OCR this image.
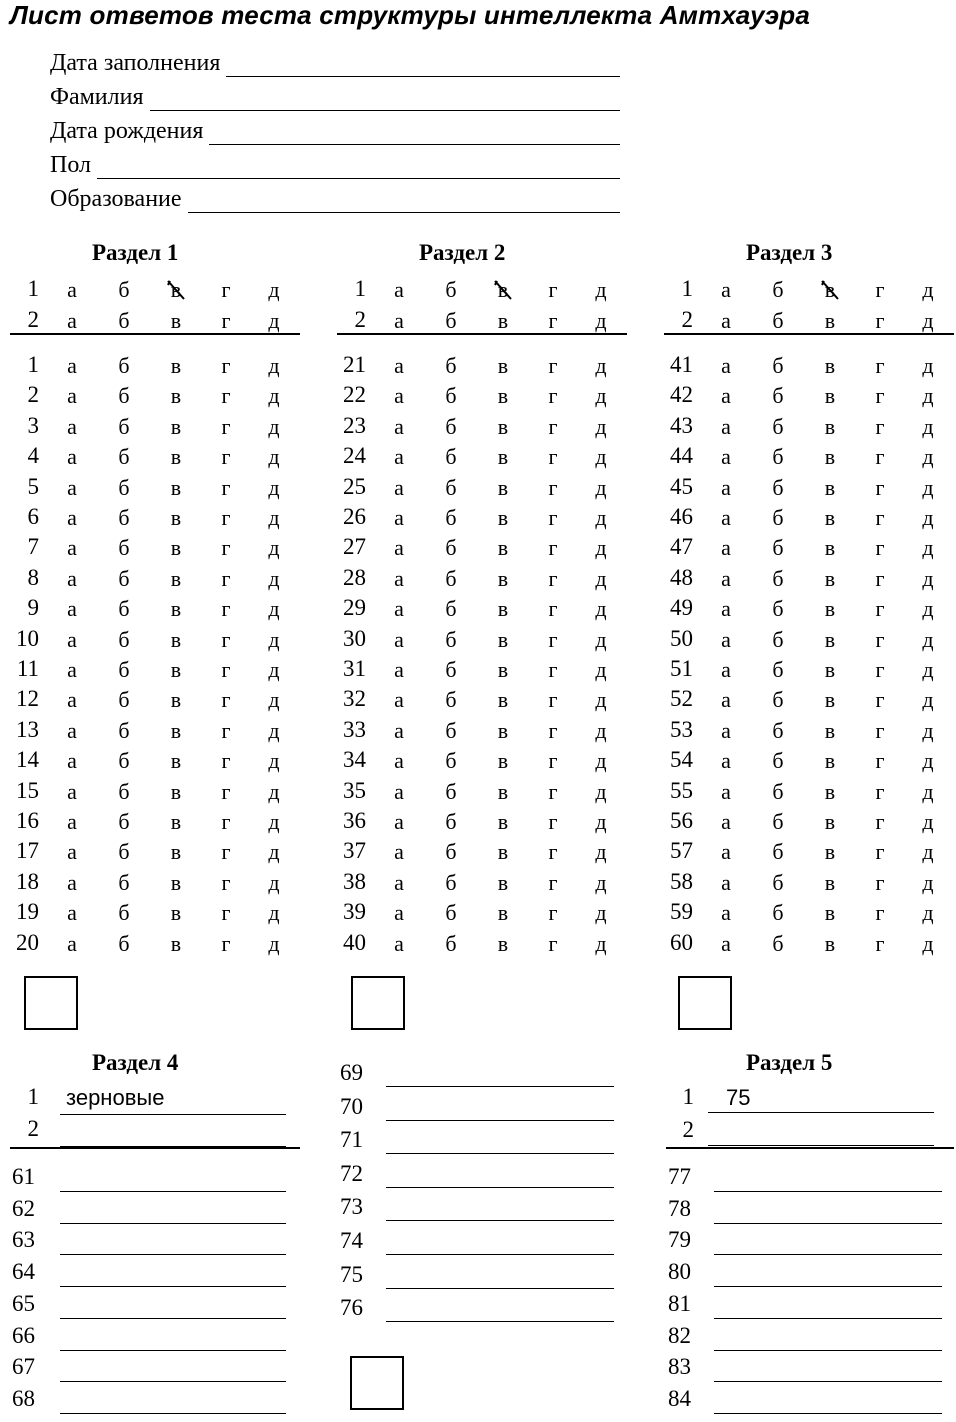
Лист ответов теста структуры интеллекта Амтхауэра
Дата заполнения
Фамилия
Дата рождения
Пол
Образование
Раздел 1
1	а	б	в	г	д
2	а	б	в	г	д
1	а	б	в	г	д
2	а	б	в	г	д
3	а	б	в	г	д
4	а	б	в	г	д
5	а	б	в	г	д
6	а	б	в	г	д
7	а	б	в	г	д
8	а	б	в	г	д
9	а	б	в	г	д
10	а	б	в	г	д
11	а	б	в	г	д
12	а	б	в	г	д
13	а	б	в	г	д
14	а	б	в	г	д
15	а	б	в	г	д
16	а	б	в	г	д
17	а	б	в	г	д
18	а	б	в	г	д
19	а	б	в	г	д
20	а	б	в	г	д
Раздел 2
1	а	б	в	г	д
2	а	б	в	г	д
21	а	б	в	г	д
22	а	б	в	г	д
23	а	б	в	г	д
24	а	б	в	г	д
25	а	б	в	г	д
26	а	б	в	г	д
27	а	б	в	г	д
28	а	б	в	г	д
29	а	б	в	г	д
30	а	б	в	г	д
31	а	б	в	г	д
32	а	б	в	г	д
33	а	б	в	г	д
34	а	б	в	г	д
35	а	б	в	г	д
36	а	б	в	г	д
37	а	б	в	г	д
38	а	б	в	г	д
39	а	б	в	г	д
40	а	б	в	г	д
Раздел 3
1	а	б	в	г	д
2	а	б	в	г	д
41	а	б	в	г	д
42	а	б	в	г	д
43	а	б	в	г	д
44	а	б	в	г	д
45	а	б	в	г	д
46	а	б	в	г	д
47	а	б	в	г	д
48	а	б	в	г	д
49	а	б	в	г	д
50	а	б	в	г	д
51	а	б	в	г	д
52	а	б	в	г	д
53	а	б	в	г	д
54	а	б	в	г	д
55	а	б	в	г	д
56	а	б	в	г	д
57	а	б	в	г	д
58	а	б	в	г	д
59	а	б	в	г	д
60	а	б	в	г	д
Раздел 4
1 зерновые
2
61
62
63
64
65
66
67
68
69
70
71
72
73
74
75
76
Раздел 5
1 75
2
77
78
79
80
81
82
83
84
